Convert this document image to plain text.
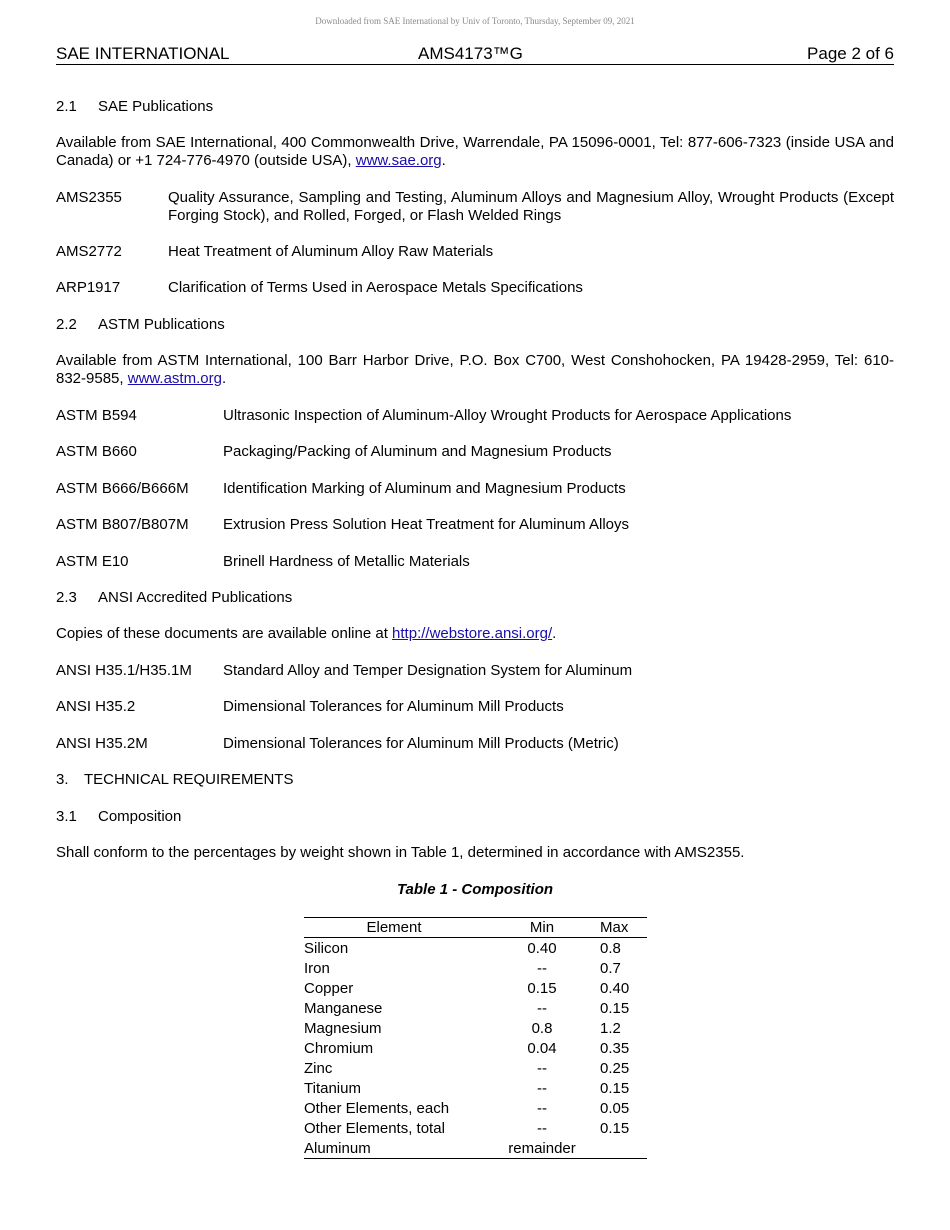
Downloaded from SAE International by Univ of Toronto, Thursday, September 09, 2021
SAE INTERNATIONAL	AMS4173™G	Page 2 of 6
2.1 SAE Publications
Available from SAE International, 400 Commonwealth Drive, Warrendale, PA 15096-0001, Tel: 877-606-7323 (inside USA and Canada) or +1 724-776-4970 (outside USA), www.sae.org.
AMS2355	Quality Assurance, Sampling and Testing, Aluminum Alloys and Magnesium Alloy, Wrought Products (Except Forging Stock), and Rolled, Forged, or Flash Welded Rings
AMS2772	Heat Treatment of Aluminum Alloy Raw Materials
ARP1917	Clarification of Terms Used in Aerospace Metals Specifications
2.2 ASTM Publications
Available from ASTM International, 100 Barr Harbor Drive, P.O. Box C700, West Conshohocken, PA 19428-2959, Tel: 610-832-9585, www.astm.org.
ASTM B594	Ultrasonic Inspection of Aluminum-Alloy Wrought Products for Aerospace Applications
ASTM B660	Packaging/Packing of Aluminum and Magnesium Products
ASTM B666/B666M Identification Marking of Aluminum and Magnesium Products
ASTM B807/B807M Extrusion Press Solution Heat Treatment for Aluminum Alloys
ASTM E10	Brinell Hardness of Metallic Materials
2.3 ANSI Accredited Publications
Copies of these documents are available online at http://webstore.ansi.org/.
ANSI H35.1/H35.1M Standard Alloy and Temper Designation System for Aluminum
ANSI H35.2	Dimensional Tolerances for Aluminum Mill Products
ANSI H35.2M	Dimensional Tolerances for Aluminum Mill Products (Metric)
3. TECHNICAL REQUIREMENTS
3.1 Composition
Shall conform to the percentages by weight shown in Table 1, determined in accordance with AMS2355.
Table 1 - Composition
Element	Min	Max
Silicon	0.40	0.8
Iron	--	0.7
Copper	0.15	0.40
Manganese	--	0.15
Magnesium	0.8	1.2
Chromium	0.04	0.35
Zinc	--	0.25
Titanium	--	0.15
Other Elements, each	--	0.05
Other Elements, total	--	0.15
Aluminum	remainder	
